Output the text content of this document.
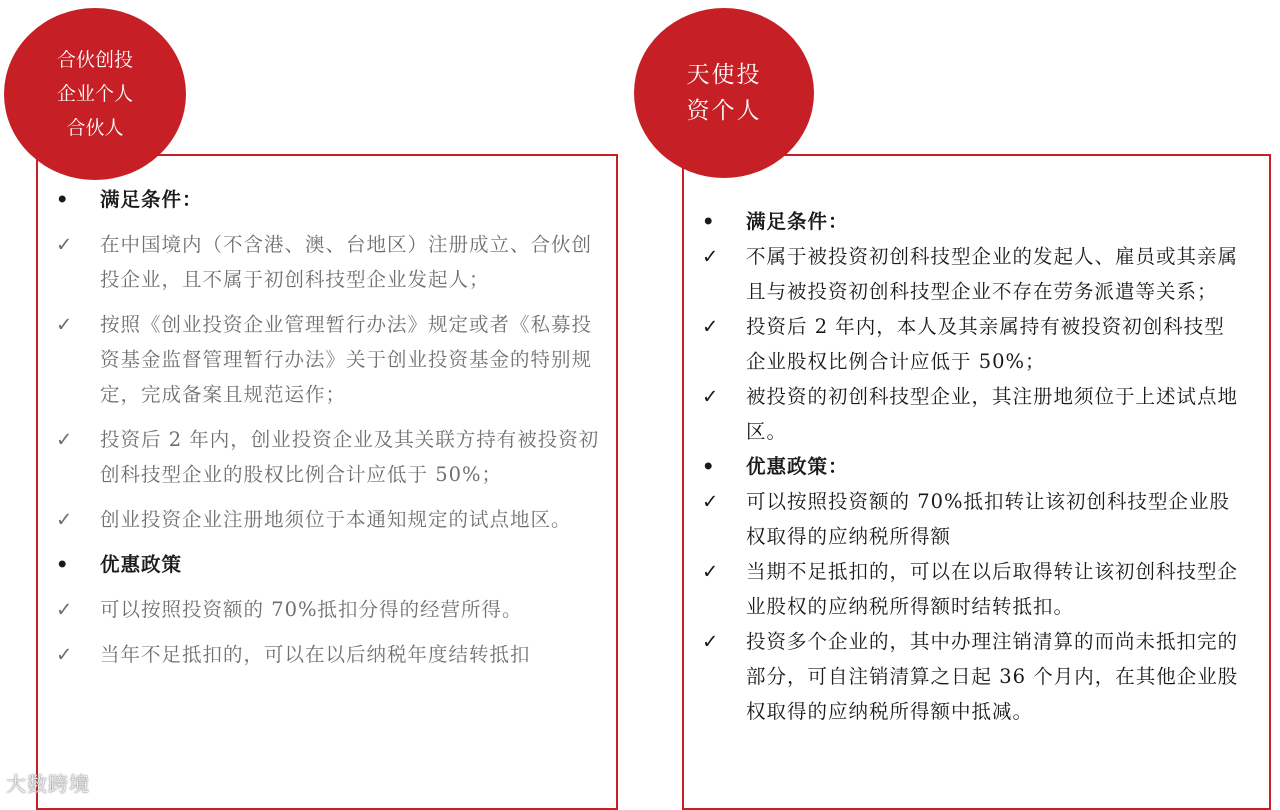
合伙创投
企业个人
合伙人
• 满足条件：
✓ 在中国境内（不含港、澳、台地区）注册成立、合伙创投企业，且不属于初创科技型企业发起人；
✓ 按照《创业投资企业管理暂行办法》规定或者《私募投资基金监督管理暂行办法》关于创业投资基金的特别规定，完成备案且规范运作；
✓ 投资后 2 年内，创业投资企业及其关联方持有被投资初创科技型企业的股权比例合计应低于 50%；
✓ 创业投资企业注册地须位于本通知规定的试点地区。
• 优惠政策
✓ 可以按照投资额的 70%抵扣分得的经营所得。
✓ 当年不足抵扣的，可以在以后纳税年度结转抵扣
天使投
资个人
• 满足条件：
✓ 不属于被投资初创科技型企业的发起人、雇员或其亲属且与被投资初创科技型企业不存在劳务派遣等关系；
✓ 投资后 2 年内，本人及其亲属持有被投资初创科技型企业股权比例合计应低于 50%；
✓ 被投资的初创科技型企业，其注册地须位于上述试点地区。
• 优惠政策：
✓ 可以按照投资额的 70%抵扣转让该初创科技型企业股权取得的应纳税所得额
✓ 当期不足抵扣的，可以在以后取得转让该初创科技型企业股权的应纳税所得额时结转抵扣。
✓ 投资多个企业的，其中办理注销清算的而尚未抵扣完的部分，可自注销清算之日起 36 个月内，在其他企业股权取得的应纳税所得额中抵减。
大数跨境
